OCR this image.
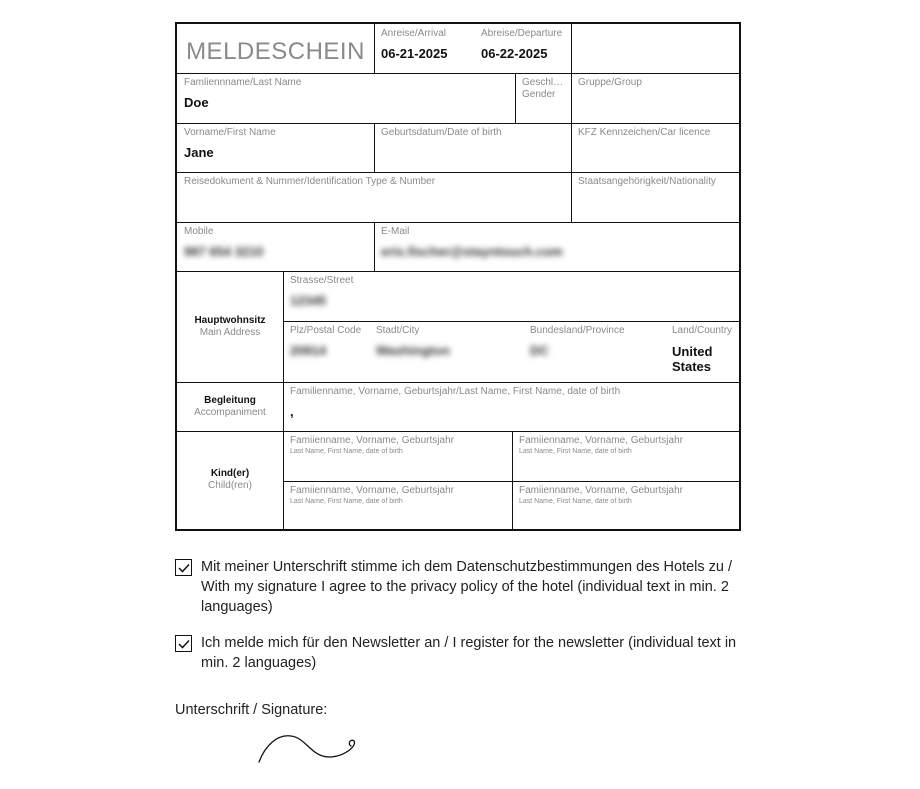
MELDESCHEIN
Anreise/Arrival
06-21-2025
Abreise/Departure
06-22-2025
Famliennname/Last Name
Doe
Geschl…
Gender
Gruppe/Group
Vorname/First Name
Jane
Geburtsdatum/Date of birth	KFZ Kennzeichen/Car licence
Reisedokument & Nummer/Identification Type & Number	Staatsangehörigkeit/Nationality
Mobile
987 654 3210
E-Mail
eris.fischer@stayntouch.com
Hauptwohnsitz
Main Address
Strasse/Street
12345
Plz/Postal Code
20814
Stadt/City
Washington
Bundesland/Province
DC
Land/Country
United States
Begleitung
Accompaniment
Familienname, Vorname, Geburtsjahr/Last Name, First Name, date of birth
,
Kind(er)
Child(ren)
Famiienname, Vorname, Geburtsjahr
Last Name, First Name, date of birth
Famiienname, Vorname, Geburtsjahr
Last Name, First Name, date of birth
Famiienname, Vorname, Geburtsjahr
Last Name, First Name, date of birth
Famiienname, Vorname, Geburtsjahr
Last Name, First Name, date of birth
Mit meiner Unterschrift stimme ich dem Datenschutzbestimmungen des Hotels zu / With my signature I agree to the privacy policy of the hotel (individual text in min. 2 languages)
Ich melde mich für den Newsletter an / I register for the newsletter (individual text in min. 2 languages)
Unterschrift / Signature:
